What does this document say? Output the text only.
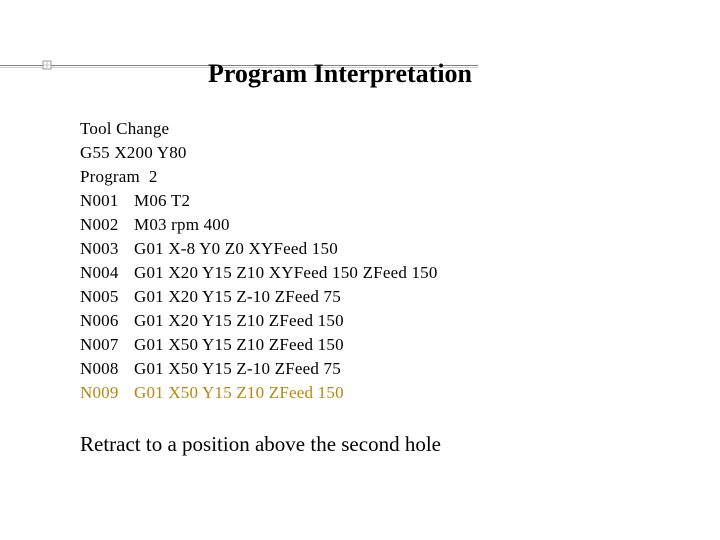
Program Interpretation
Tool Change
G55 X200 Y80
Program  2
N001 M06 T2
N002 M03 rpm 400
N003 G01 X-8 Y0 Z0 XYFeed 150
N004 G01 X20 Y15 Z10 XYFeed 150 ZFeed 150
N005 G01 X20 Y15 Z-10 ZFeed 75
N006 G01 X20 Y15 Z10 ZFeed 150
N007 G01 X50 Y15 Z10 ZFeed 150
N008 G01 X50 Y15 Z-10 ZFeed 75
N009 G01 X50 Y15 Z10 ZFeed 150
Retract to a position above the second hole
